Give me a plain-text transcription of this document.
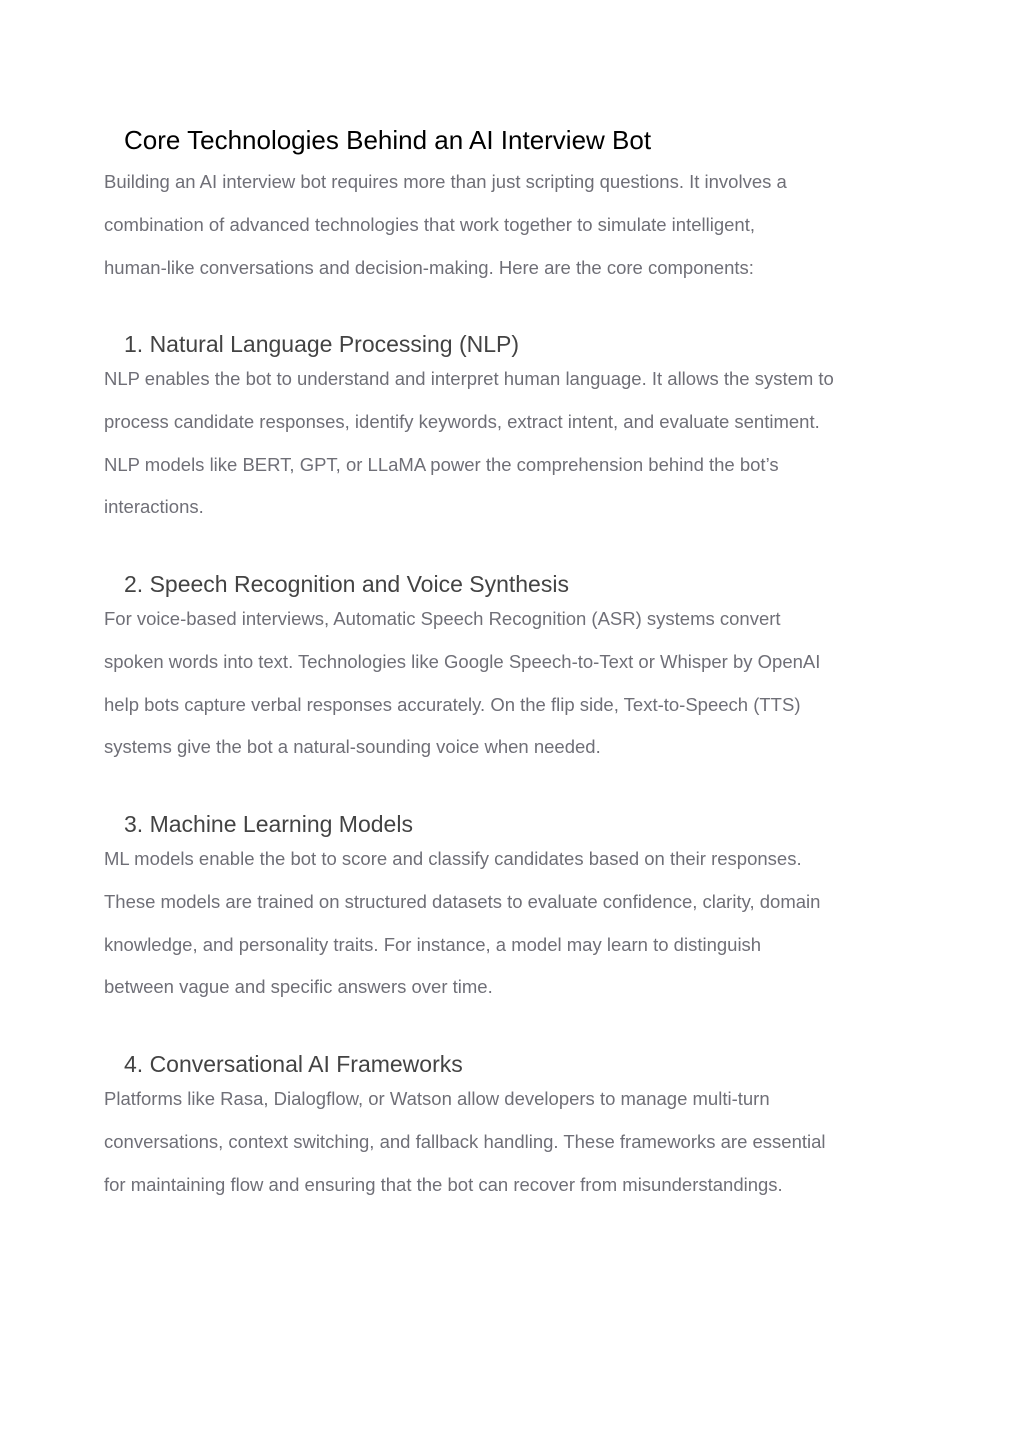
Core Technologies Behind an AI Interview Bot

Building an AI interview bot requires more than just scripting questions. It involves a
combination of advanced technologies that work together to simulate intelligent,
human-like conversations and decision-making. Here are the core components:

1. Natural Language Processing (NLP)

NLP enables the bot to understand and interpret human language. It allows the system to
process candidate responses, identify keywords, extract intent, and evaluate sentiment.
NLP models like BERT, GPT, or LLaMA power the comprehension behind the bot’s
interactions.

2. Speech Recognition and Voice Synthesis

For voice-based interviews, Automatic Speech Recognition (ASR) systems convert
spoken words into text. Technologies like Google Speech-to-Text or Whisper by OpenAI
help bots capture verbal responses accurately. On the flip side, Text-to-Speech (TTS)
systems give the bot a natural-sounding voice when needed.

3. Machine Learning Models

ML models enable the bot to score and classify candidates based on their responses.
These models are trained on structured datasets to evaluate confidence, clarity, domain
knowledge, and personality traits. For instance, a model may learn to distinguish
between vague and specific answers over time.

4. Conversational AI Frameworks

Platforms like Rasa, Dialogflow, or Watson allow developers to manage multi-turn
conversations, context switching, and fallback handling. These frameworks are essential
for maintaining flow and ensuring that the bot can recover from misunderstandings.
